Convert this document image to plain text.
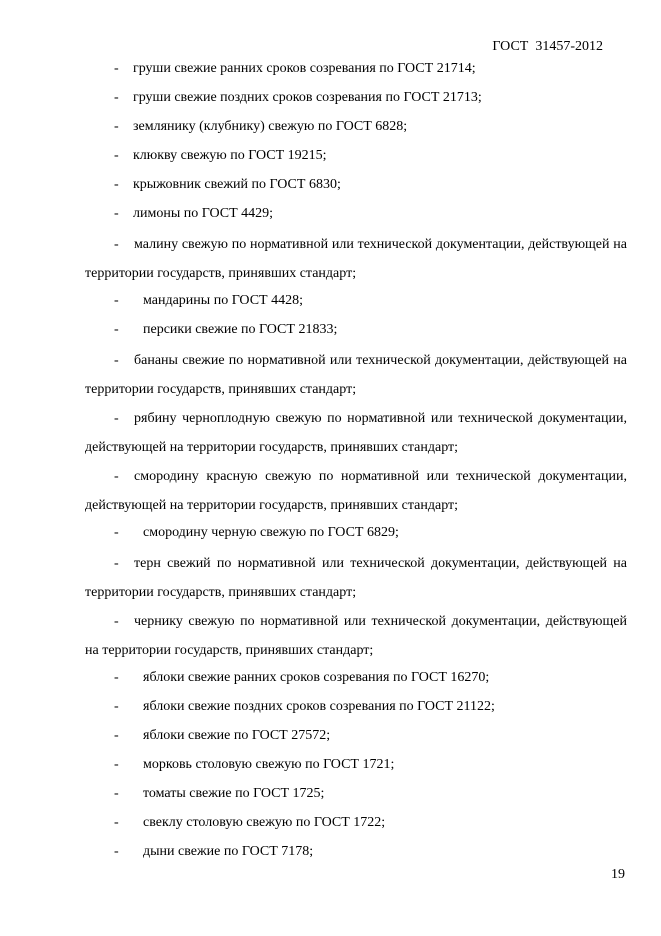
ГОСТ  31457-2012
- груши свежие ранних сроков созревания по ГОСТ 21714;
- груши свежие поздних сроков созревания по ГОСТ 21713;
- землянику (клубнику) свежую по ГОСТ 6828;
- клюкву свежую по ГОСТ 19215;
- крыжовник свежий по ГОСТ 6830;
- лимоны по ГОСТ 4429;
- малину свежую по нормативной или технической документации, действующей на территории государств, принявших стандарт;
- мандарины по ГОСТ 4428;
- персики свежие по ГОСТ 21833;
- бананы свежие по нормативной или технической документации, действующей на территории государств, принявших стандарт;
- рябину черноплодную свежую по нормативной или технической документации, действующей на территории государств, принявших стандарт;
- смородину красную свежую по нормативной или технической документации, действующей на территории государств, принявших стандарт;
- смородину черную свежую по ГОСТ 6829;
- терн свежий по нормативной или технической документации, действующей на территории государств, принявших стандарт;
- чернику свежую по нормативной или технической документации, действующей на территории государств, принявших стандарт;
- яблоки свежие ранних сроков созревания по ГОСТ 16270;
- яблоки свежие поздних сроков созревания по ГОСТ 21122;
- яблоки свежие по ГОСТ 27572;
- морковь столовую свежую по ГОСТ 1721;
- томаты свежие по ГОСТ 1725;
- свеклу столовую свежую по ГОСТ 1722;
- дыни свежие по ГОСТ 7178;
19
